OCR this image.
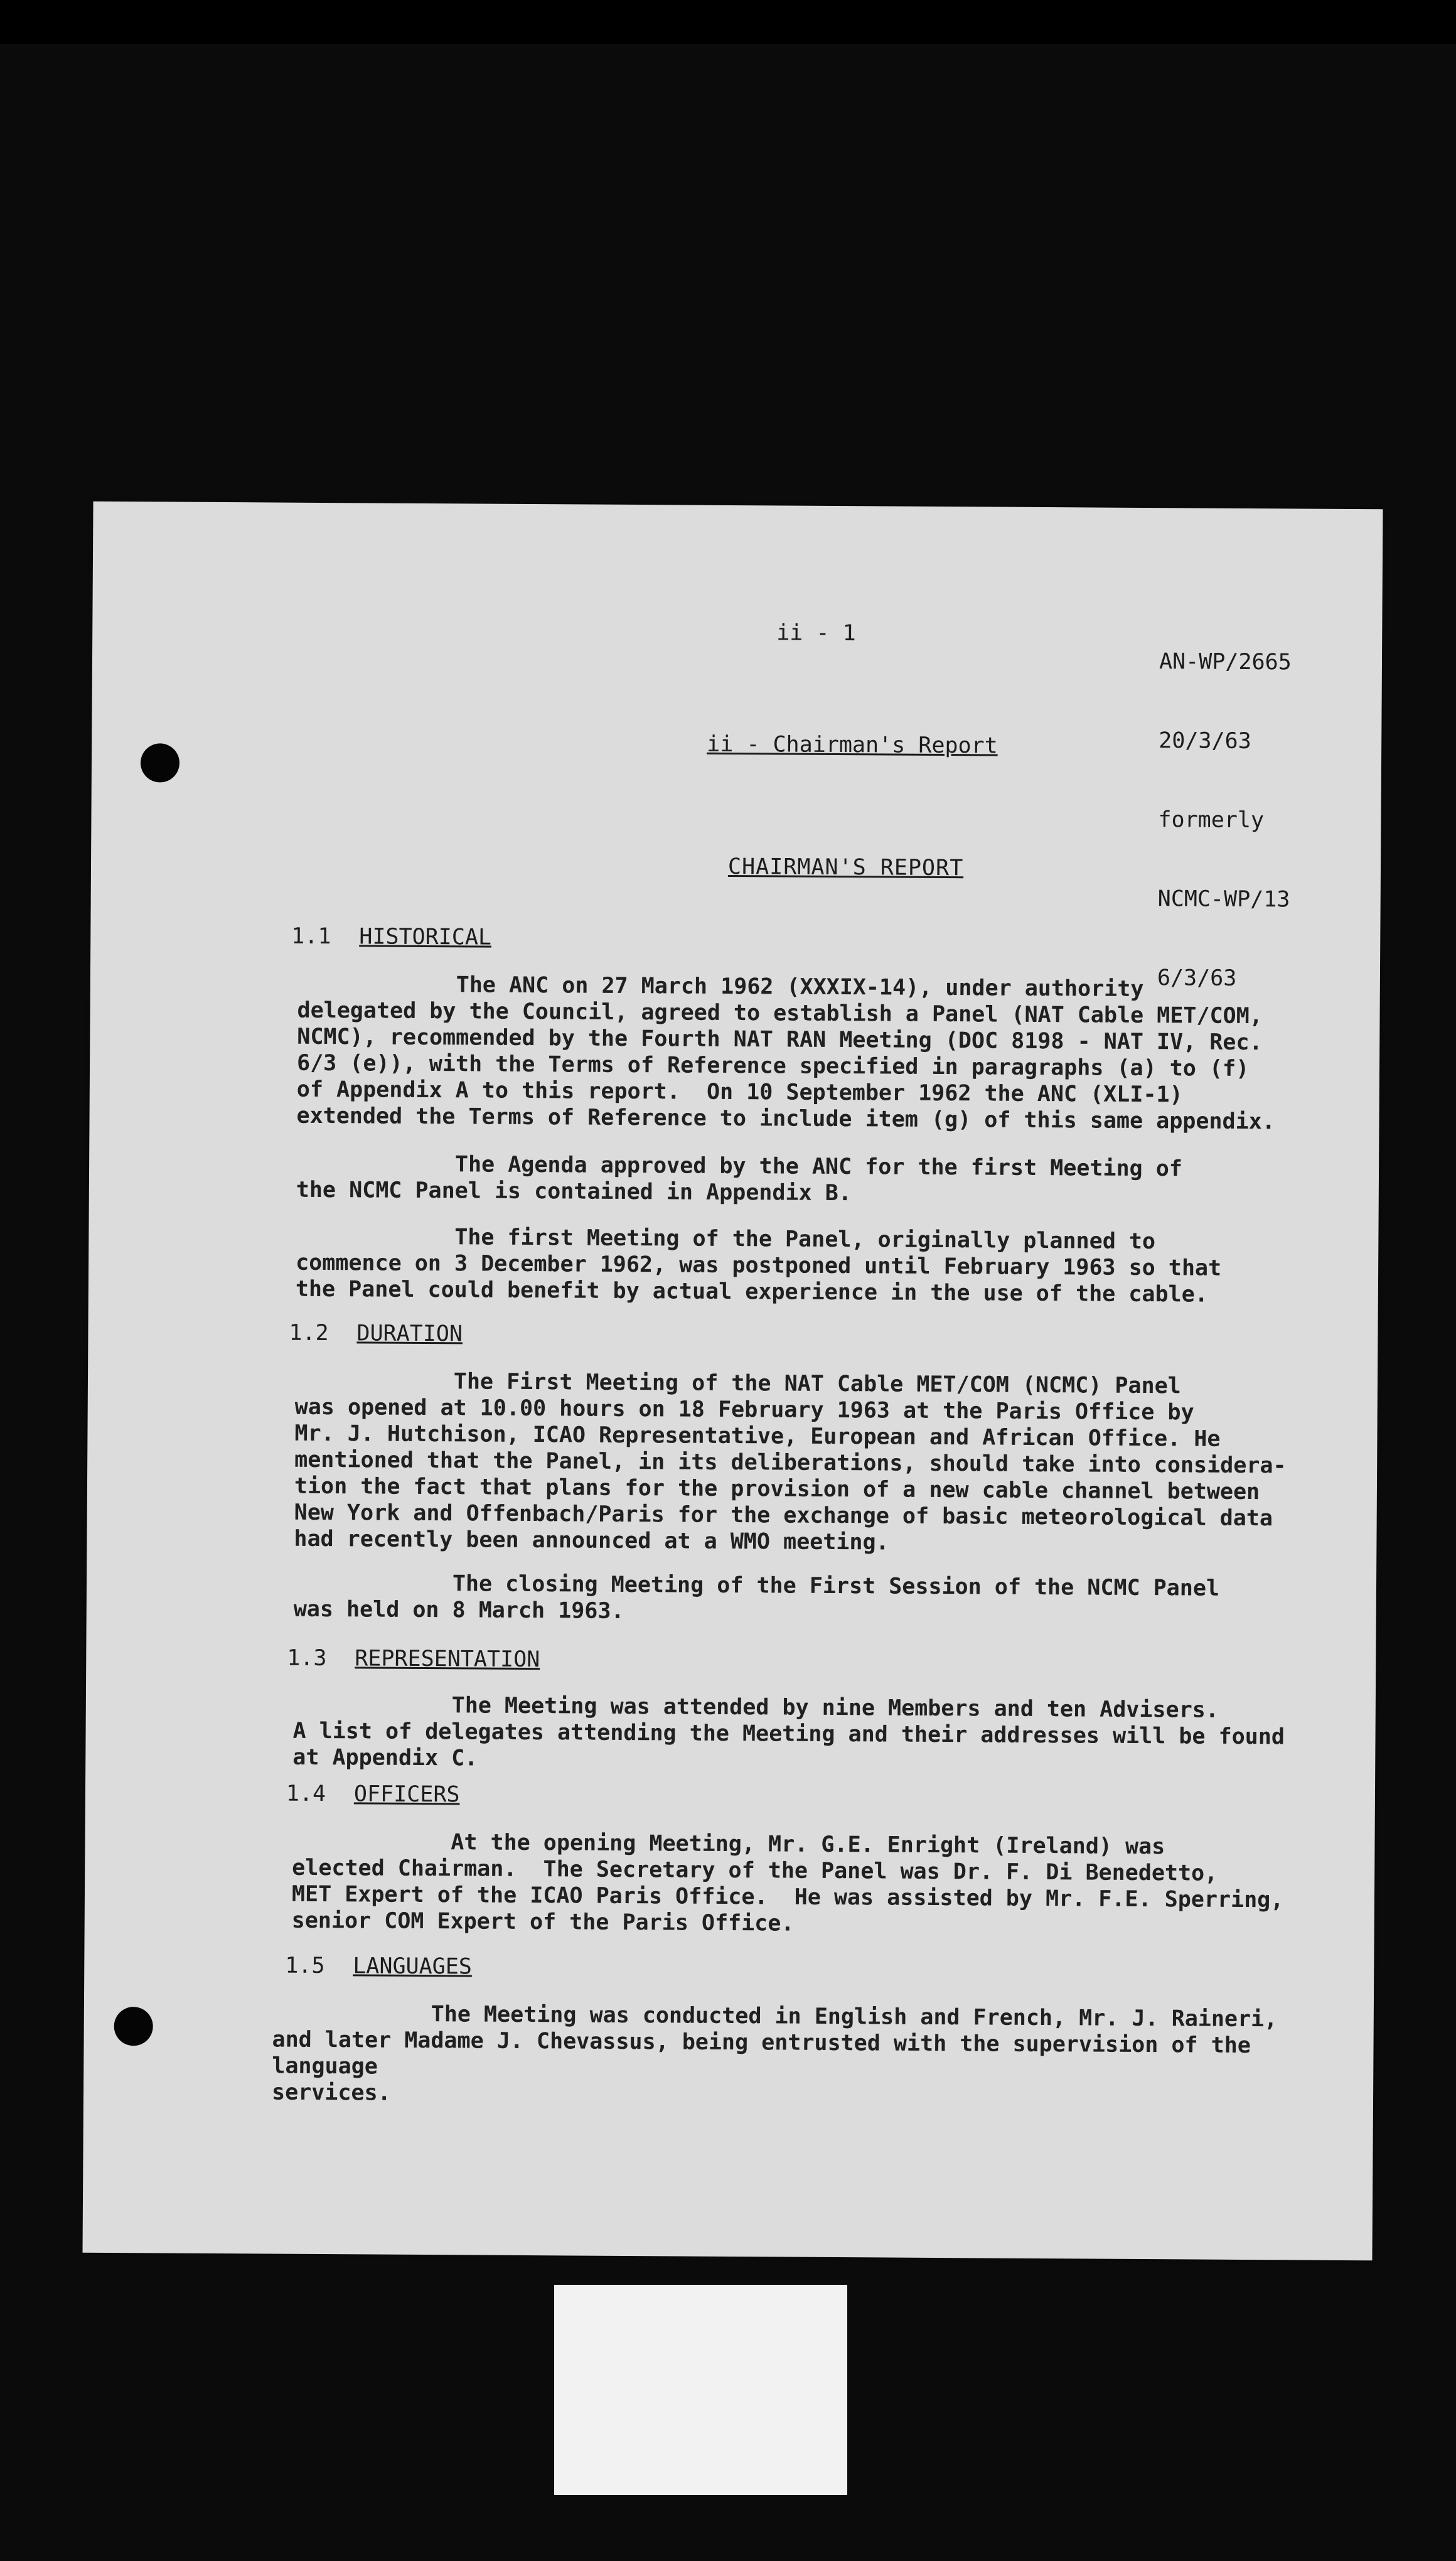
ii - 1

AN-WP/2665

20/3/63

formerly

NCMC-WP/13

6/3/63

ii - Chairman's Report
CHAIRMAN'S REPORT
1.1 HISTORICAL
The ANC on 27 March 1962 (XXXIX-14), under authority
delegated by the Council, agreed to establish a Panel (NAT Cable MET/COM,
NCMC), recommended by the Fourth NAT RAN Meeting (DOC 8198 - NAT IV, Rec.
6/3 (e)), with the Terms of Reference specified in paragraphs (a) to (f)
of Appendix A to this report.  On 10 September 1962 the ANC (XLI-1)
extended the Terms of Reference to include item (g) of this same appendix.
The Agenda approved by the ANC for the first Meeting of
the NCMC Panel is contained in Appendix B.
The first Meeting of the Panel, originally planned to
commence on 3 December 1962, was postponed until February 1963 so that
the Panel could benefit by actual experience in the use of the cable.
1.2 DURATION
The First Meeting of the NAT Cable MET/COM (NCMC) Panel
was opened at 10.00 hours on 18 February 1963 at the Paris Office by
Mr. J. Hutchison, ICAO Representative, European and African Office. He
mentioned that the Panel, in its deliberations, should take into considera-
tion the fact that plans for the provision of a new cable channel between
New York and Offenbach/Paris for the exchange of basic meteorological data
had recently been announced at a WMO meeting.
The closing Meeting of the First Session of the NCMC Panel
was held on 8 March 1963.
1.3 REPRESENTATION
The Meeting was attended by nine Members and ten Advisers.
A list of delegates attending the Meeting and their addresses will be found
at Appendix C.
1.4 OFFICERS
At the opening Meeting, Mr. G.E. Enright (Ireland) was
elected Chairman.  The Secretary of the Panel was Dr. F. Di Benedetto,
MET Expert of the ICAO Paris Office.  He was assisted by Mr. F.E. Sperring,
senior COM Expert of the Paris Office.
1.5 LANGUAGES
The Meeting was conducted in English and French, Mr. J. Raineri,
and later Madame J. Chevassus, being entrusted with the supervision of the language
services.
